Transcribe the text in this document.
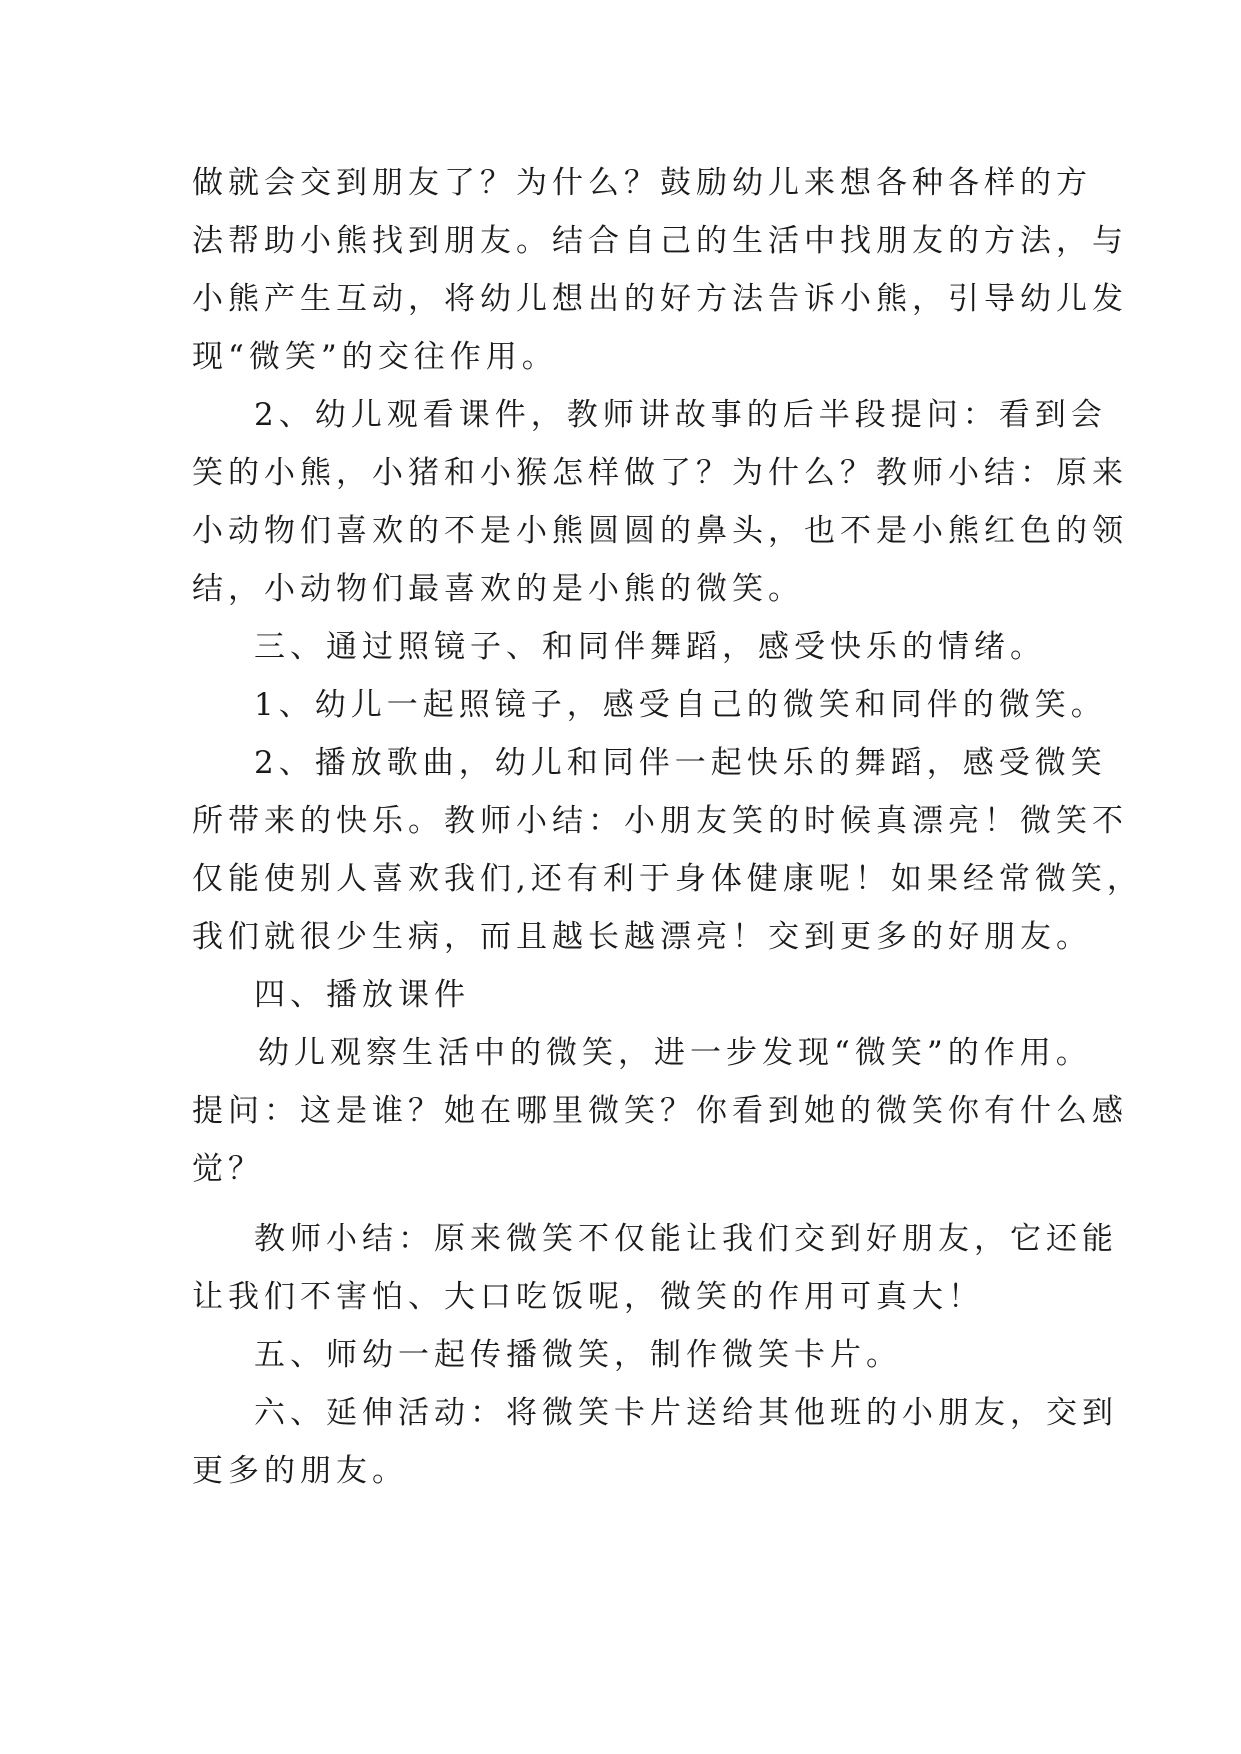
做就会交到朋友了？为什么？鼓励幼儿来想各种各样的方
法帮助小熊找到朋友。结合自己的生活中找朋友的方法，与
小熊产生互动，将幼儿想出的好方法告诉小熊，引导幼儿发
现“微笑”的交往作用。
2、幼儿观看课件，教师讲故事的后半段提问：看到会
笑的小熊，小猪和小猴怎样做了？为什么？教师小结：原来
小动物们喜欢的不是小熊圆圆的鼻头，也不是小熊红色的领
结，小动物们最喜欢的是小熊的微笑。
三、通过照镜子、和同伴舞蹈，感受快乐的情绪。
1、幼儿一起照镜子，感受自己的微笑和同伴的微笑。
2、播放歌曲，幼儿和同伴一起快乐的舞蹈，感受微笑
所带来的快乐。教师小结：小朋友笑的时候真漂亮！微笑不
仅能使别人喜欢我们,还有利于身体健康呢！如果经常微笑，
我们就很少生病，而且越长越漂亮！交到更多的好朋友。
四、播放课件
幼儿观察生活中的微笑，进一步发现“微笑”的作用。
提问：这是谁？她在哪里微笑？你看到她的微笑你有什么感
觉？
教师小结：原来微笑不仅能让我们交到好朋友，它还能
让我们不害怕、大口吃饭呢，微笑的作用可真大！
五、师幼一起传播微笑，制作微笑卡片。
六、延伸活动：将微笑卡片送给其他班的小朋友，交到
更多的朋友。
